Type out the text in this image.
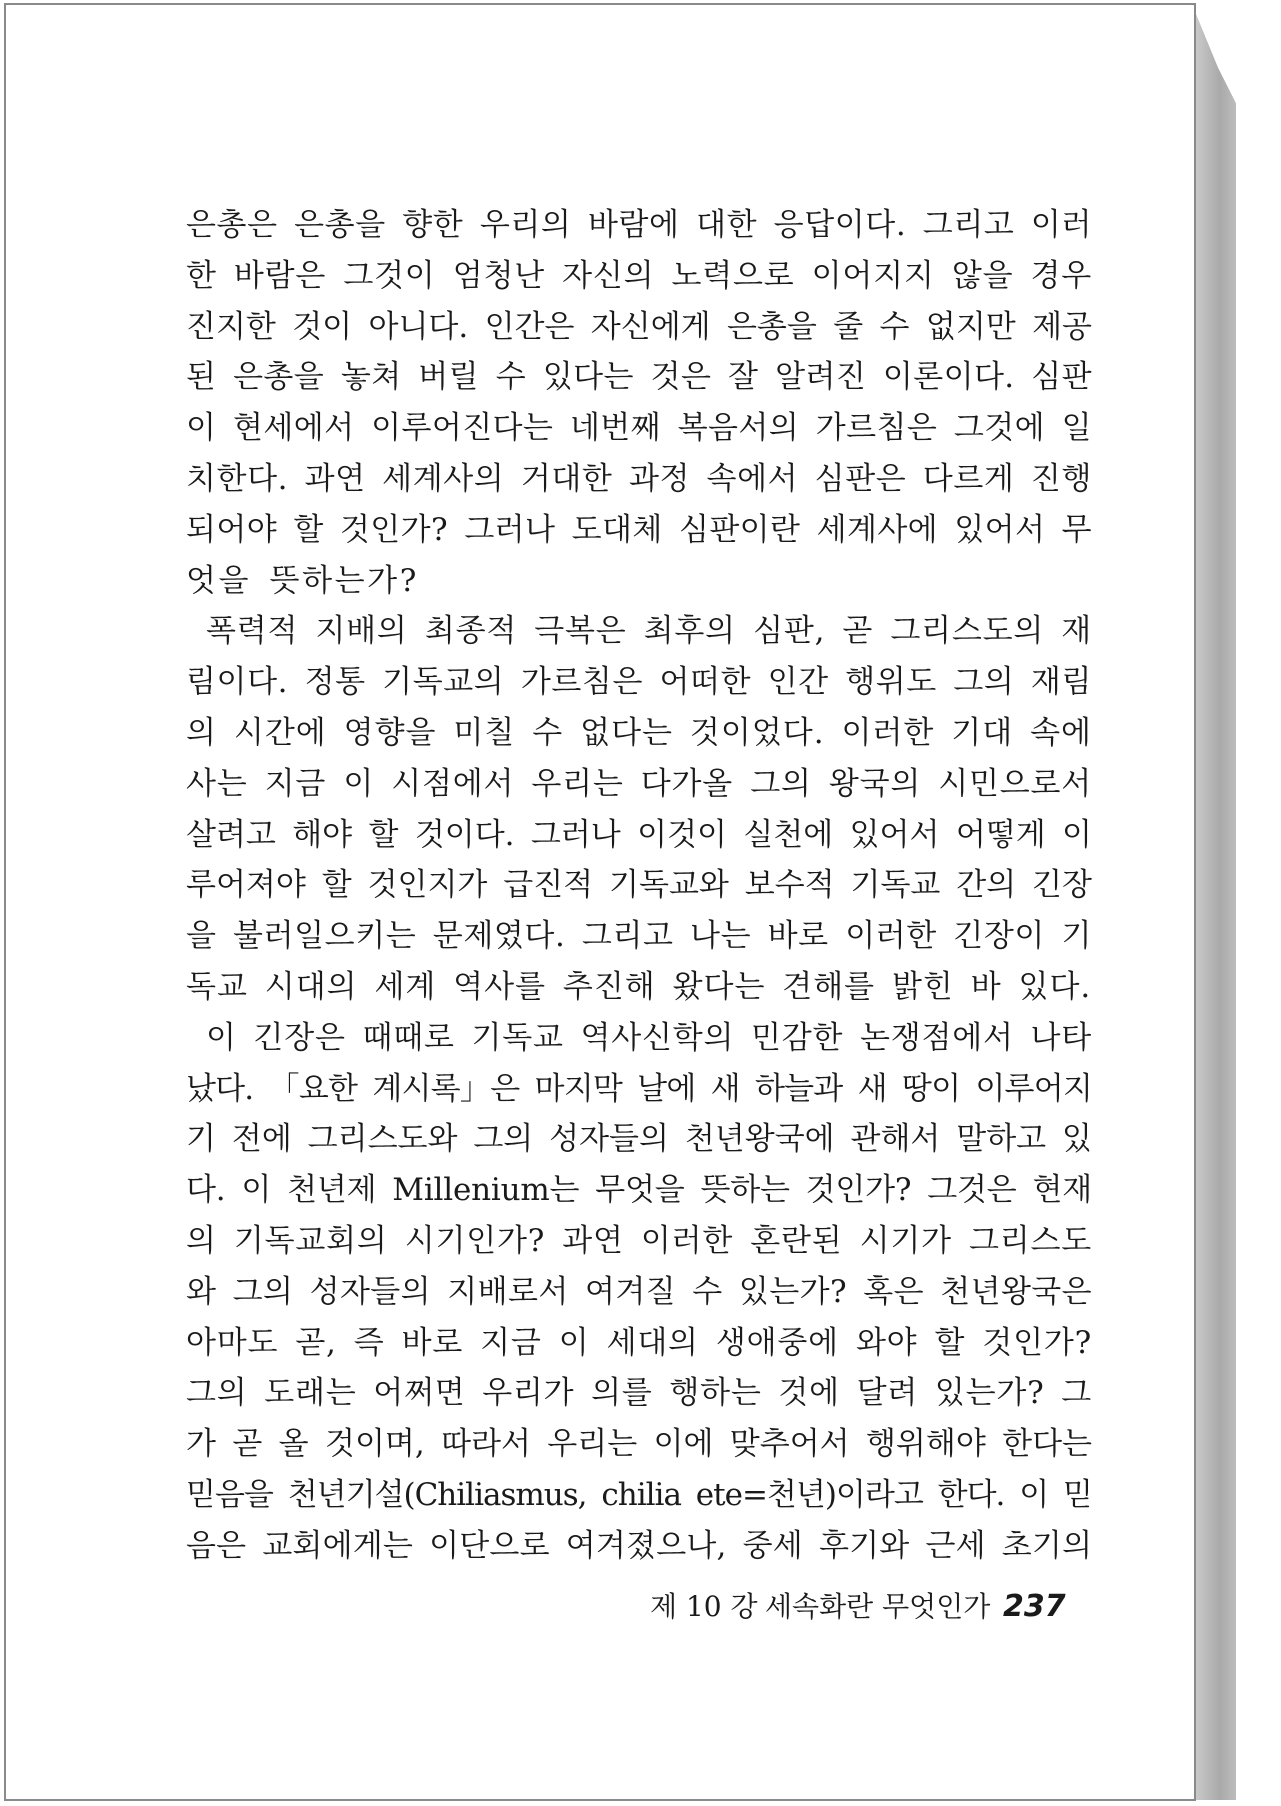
은총은 은총을 향한 우리의 바람에 대한 응답이다. 그리고 이러
한 바람은 그것이 엄청난 자신의 노력으로 이어지지 않을 경우
진지한 것이 아니다. 인간은 자신에게 은총을 줄 수 없지만 제공
된 은총을 놓쳐 버릴 수 있다는 것은 잘 알려진 이론이다. 심판
이 현세에서 이루어진다는 네번째 복음서의 가르침은 그것에 일
치한다. 과연 세계사의 거대한 과정 속에서 심판은 다르게 진행
되어야 할 것인가? 그러나 도대체 심판이란 세계사에 있어서 무
엇을 뜻하는가?
폭력적 지배의 최종적 극복은 최후의 심판, 곧 그리스도의 재
림이다. 정통 기독교의 가르침은 어떠한 인간 행위도 그의 재림
의 시간에 영향을 미칠 수 없다는 것이었다. 이러한 기대 속에
사는 지금 이 시점에서 우리는 다가올 그의 왕국의 시민으로서
살려고 해야 할 것이다. 그러나 이것이 실천에 있어서 어떻게 이
루어져야 할 것인지가 급진적 기독교와 보수적 기독교 간의 긴장
을 불러일으키는 문제였다. 그리고 나는 바로 이러한 긴장이 기
독교 시대의 세계 역사를 추진해 왔다는 견해를 밝힌 바 있다.
이 긴장은 때때로 기독교 역사신학의 민감한 논쟁점에서 나타
났다. 「요한 계시록」은 마지막 날에 새 하늘과 새 땅이 이루어지
기 전에 그리스도와 그의 성자들의 천년왕국에 관해서 말하고 있
다. 이 천년제 Millenium는 무엇을 뜻하는 것인가? 그것은 현재
의 기독교회의 시기인가? 과연 이러한 혼란된 시기가 그리스도
와 그의 성자들의 지배로서 여겨질 수 있는가? 혹은 천년왕국은
아마도 곧, 즉 바로 지금 이 세대의 생애중에 와야 할 것인가?
그의 도래는 어쩌면 우리가 의를 행하는 것에 달려 있는가? 그
가 곧 올 것이며, 따라서 우리는 이에 맞추어서 행위해야 한다는
믿음을 천년기설(Chiliasmus, chilia ete=천년)이라고 한다. 이 믿
음은 교회에게는 이단으로 여겨졌으나, 중세 후기와 근세 초기의
제 10 강 세속화란 무엇인가 237
